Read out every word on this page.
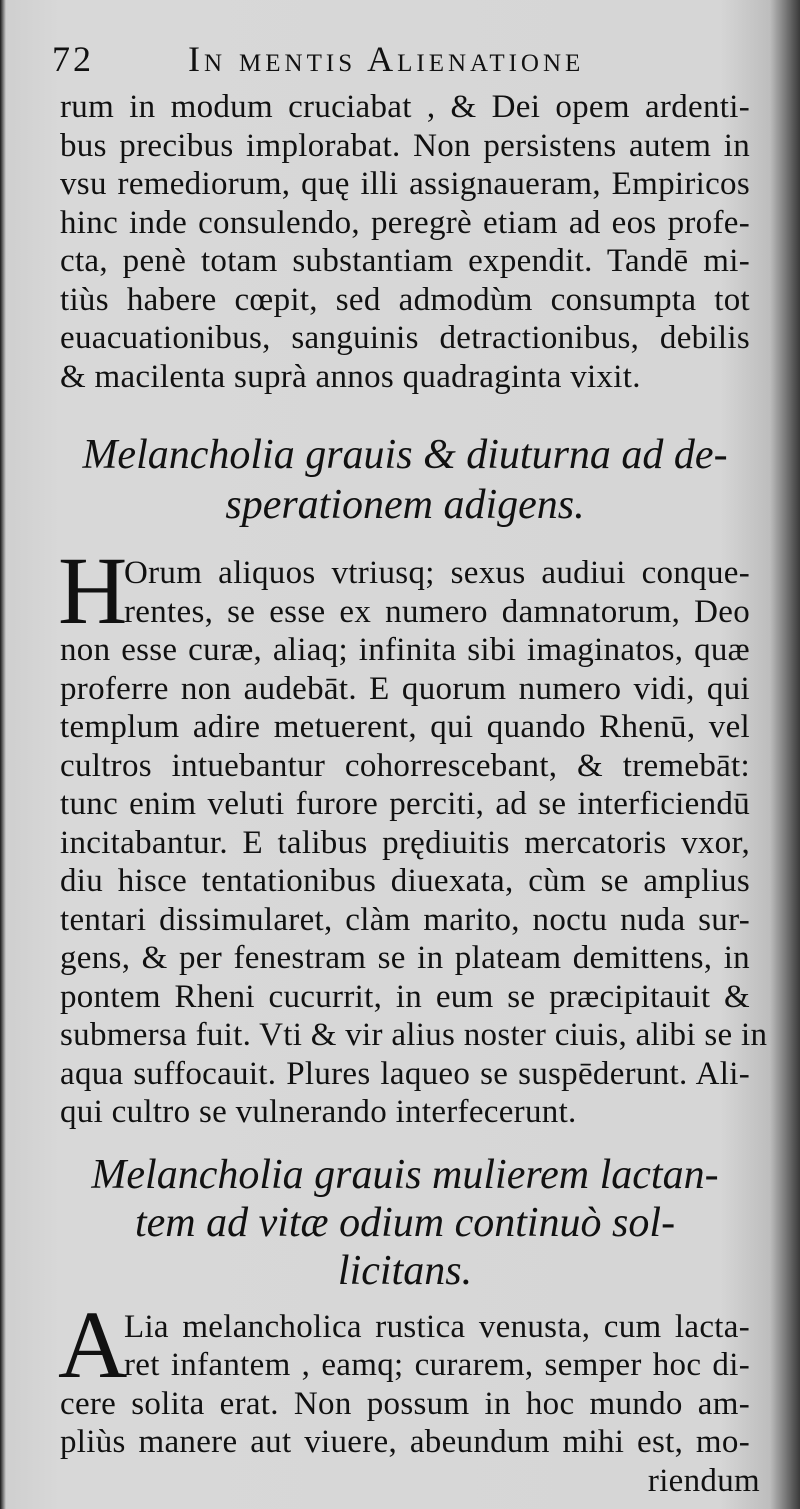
72	In mentis Alienatione
rum in modum cruciabat , & Dei opem ardenti-
bus precibus implorabat. Non persistens autem in
vsu remediorum, quę illi assignaueram, Empiricos
hinc inde consulendo, peregrè etiam ad eos profe-
cta, penè totam substantiam expendit. Tandē mi-
tiùs habere cœpit, sed admodùm consumpta tot
euacuationibus, sanguinis detractionibus, debilis
& macilenta suprà annos quadraginta vixit.
Melancholia grauis & diuturna ad de-
sperationem adigens.
H
Orum aliquos vtriusq; sexus audiui conque-
rentes, se esse ex numero damnatorum, Deo
non esse curæ, aliaq; infinita sibi imaginatos, quæ
proferre non audebāt. E quorum numero vidi, qui
templum adire metuerent, qui quando Rhenū, vel
cultros intuebantur cohorrescebant, & tremebāt:
tunc enim veluti furore perciti, ad se interficiendū
incitabantur. E talibus prędiuitis mercatoris vxor,
diu hisce tentationibus diuexata, cùm se amplius
tentari dissimularet, clàm marito, noctu nuda sur-
gens, & per fenestram se in plateam demittens, in
pontem Rheni cucurrit, in eum se præcipitauit &
submersa fuit. Vti & vir alius noster ciuis, alibi se in
aqua suffocauit. Plures laqueo se suspēderunt. Ali-
qui cultro se vulnerando interfecerunt.
Melancholia grauis mulierem lactan-
tem ad vitæ odium continuò sol-
licitans.
A
Lia melancholica rustica venusta, cum lacta-
ret infantem , eamq; curarem, semper hoc di-
cere solita erat. Non possum in hoc mundo am-
pliùs manere aut viuere, abeundum mihi est, mo-
riendum
